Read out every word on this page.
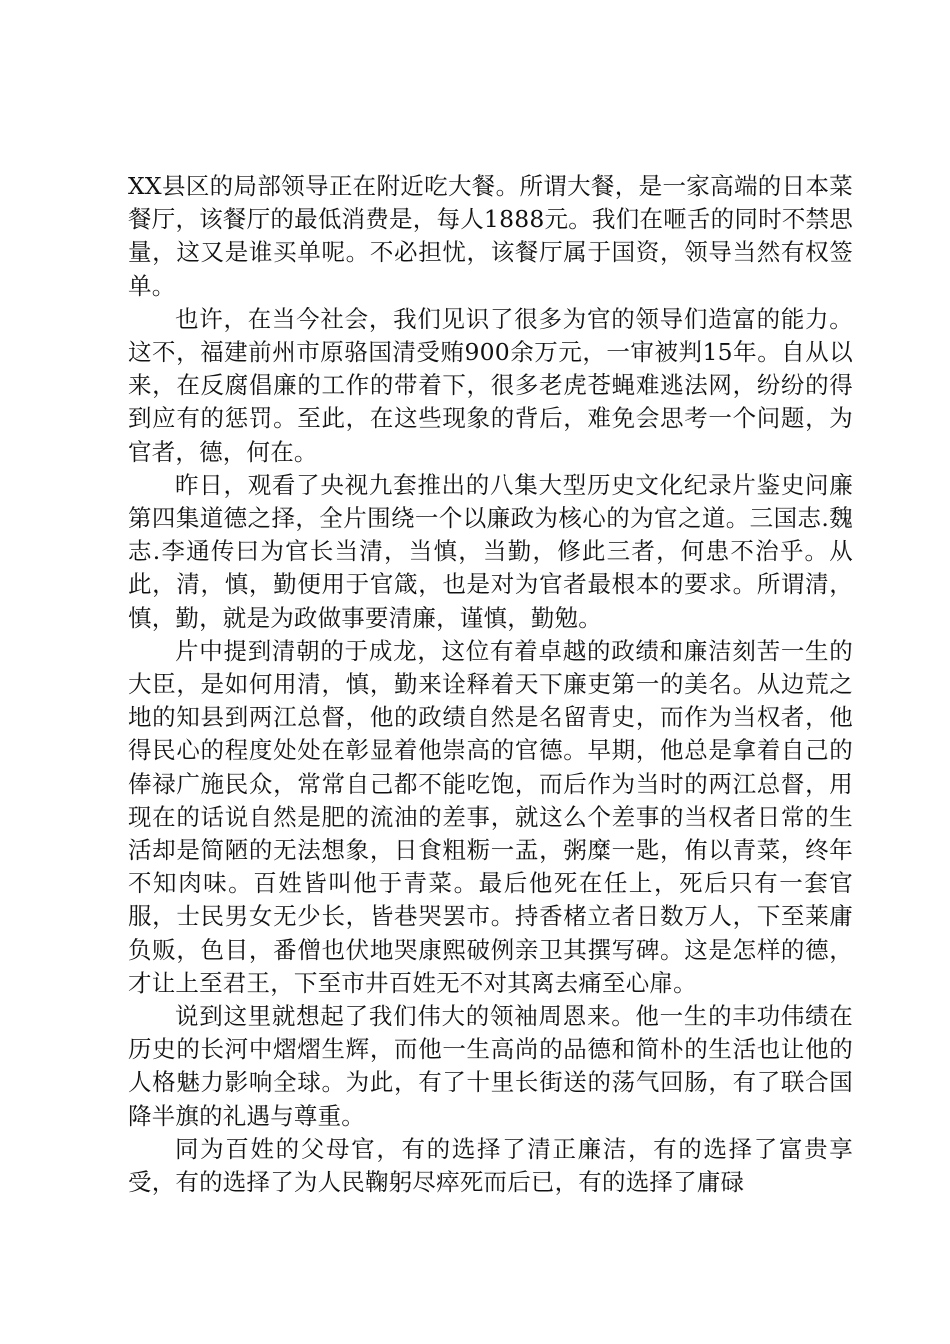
XX县区的局部领导正在附近吃大餐。所谓大餐，是一家高端的日本菜餐厅，该餐厅的最低消费是，每人1888元。我们在咂舌的同时不禁思量，这又是谁买单呢。不必担忧，该餐厅属于国资，领导当然有权签单。

也许，在当今社会，我们见识了很多为官的领导们造富的能力。这不，福建前州市原骆国清受贿900余万元，一审被判15年。自从以来，在反腐倡廉的工作的带着下，很多老虎苍蝇难逃法网，纷纷的得到应有的惩罚。至此，在这些现象的背后，难免会思考一个问题，为官者，德，何在。

昨日，观看了央视九套推出的八集大型历史文化纪录片鉴史问廉第四集道德之择，全片围绕一个以廉政为核心的为官之道。三国志.魏志.李通传曰为官长当清，当慎，当勤，修此三者，何患不治乎。从此，清，慎，勤便用于官箴，也是对为官者最根本的要求。所谓清，慎，勤，就是为政做事要清廉，谨慎，勤勉。

片中提到清朝的于成龙，这位有着卓越的政绩和廉洁刻苦一生的大臣，是如何用清，慎，勤来诠释着天下廉吏第一的美名。从边荒之地的知县到两江总督，他的政绩自然是名留青史，而作为当权者，他得民心的程度处处在彰显着他崇高的官德。早期，他总是拿着自己的俸禄广施民众，常常自己都不能吃饱，而后作为当时的两江总督，用现在的话说自然是肥的流油的差事，就这么个差事的当权者日常的生活却是简陋的无法想象，日食粗粝一盂，粥糜一匙，侑以青菜，终年不知肉味。百姓皆叫他于青菜。最后他死在任上，死后只有一套官服，士民男女无少长，皆巷哭罢市。持香楮立者日数万人，下至莱庸负贩，色目，番僧也伏地哭康熙破例亲卫其撰写碑。这是怎样的德，才让上至君王，下至市井百姓无不对其离去痛至心扉。

说到这里就想起了我们伟大的领袖周恩来。他一生的丰功伟绩在历史的长河中熠熠生辉，而他一生高尚的品德和简朴的生活也让他的人格魅力影响全球。为此，有了十里长街送的荡气回肠，有了联合国降半旗的礼遇与尊重。

同为百姓的父母官，有的选择了清正廉洁，有的选择了富贵享受，有的选择了为人民鞠躬尽瘁死而后已，有的选择了庸碌
